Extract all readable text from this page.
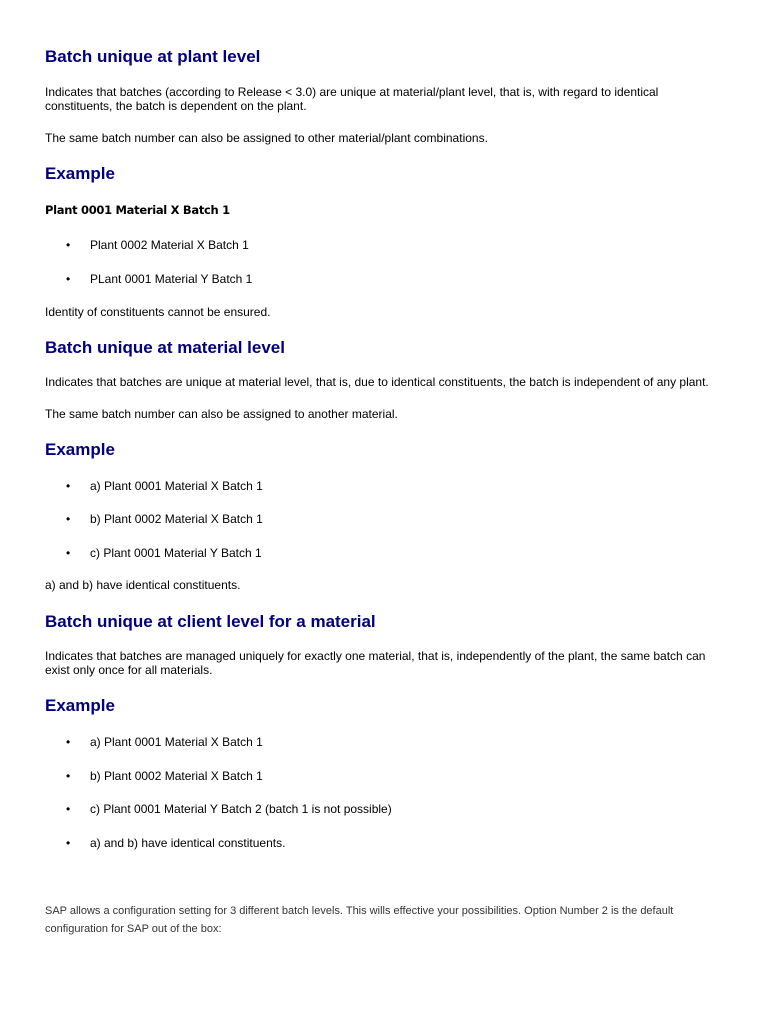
Batch unique at plant level

Indicates that batches (according to Release < 3.0) are unique at material/plant level, that is, with regard to identical constituents, the batch is dependent on the plant.

The same batch number can also be assigned to other material/plant combinations.

Example

Plant 0001 Material X Batch 1

• Plant 0002 Material X Batch 1
• PLant 0001 Material Y Batch 1

Identity of constituents cannot be ensured.

Batch unique at material level

Indicates that batches are unique at material level, that is, due to identical constituents, the batch is independent of any plant.

The same batch number can also be assigned to another material.

Example
• a) Plant 0001 Material X Batch 1
• b) Plant 0002 Material X Batch 1
• c) Plant 0001 Material Y Batch 1

a) and b) have identical constituents.

Batch unique at client level for a material

Indicates that batches are managed uniquely for exactly one material, that is, independently of the plant, the same batch can exist only once for all materials.

Example
• a) Plant 0001 Material X Batch 1
• b) Plant 0002 Material X Batch 1
• c) Plant 0001 Material Y Batch 2 (batch 1 is not possible)
• a) and b) have identical constituents.

SAP allows a configuration setting for 3 different batch levels. This wills effective your possibilities. Option Number 2 is the default configuration for SAP out of the box:
